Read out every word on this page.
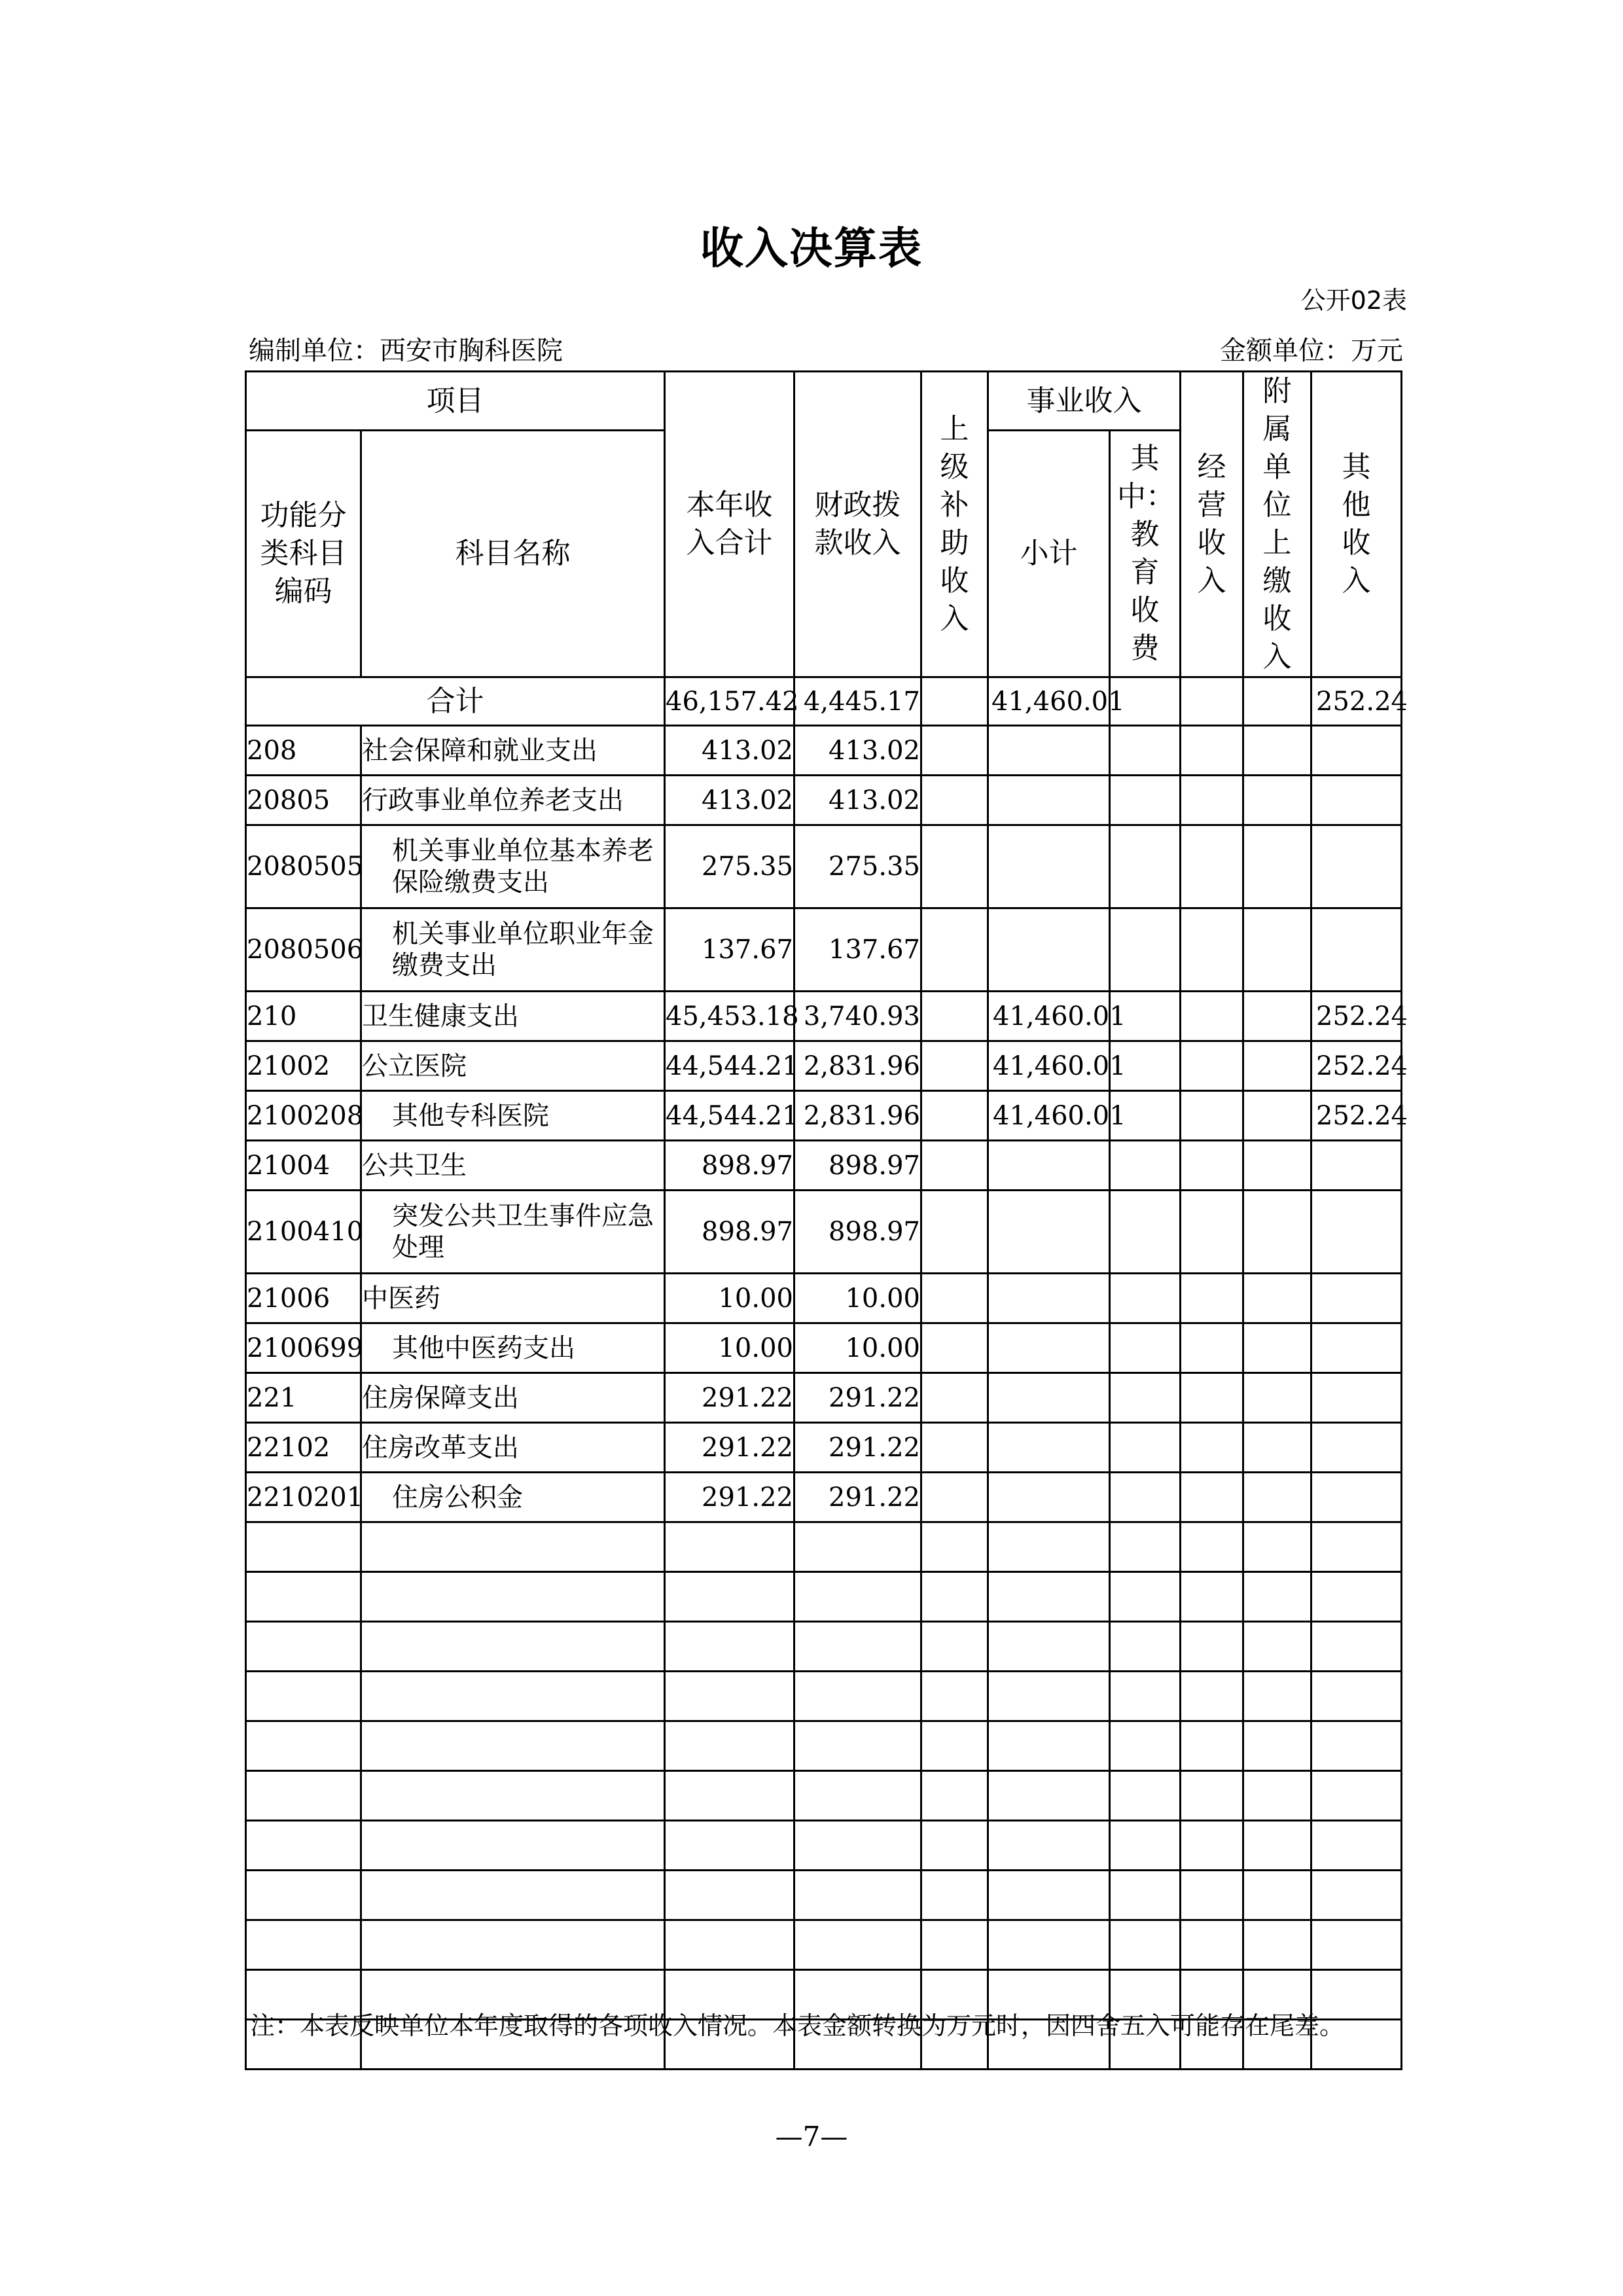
收入决算表
公开02表
编制单位：西安市胸科医院	金额单位：万元
项目		本年收入合计	财政拨款收入	上级补助收入	事业收入		经营收入	附属单位上缴收入	其他收入
功能分类科目编码	科目名称				小计	其中：教育收费			
合计		46,157.42	4,445.17		41,460.01				252.24
208	社会保障和就业支出	413.02	413.02						
20805	行政事业单位养老支出	413.02	413.02						
2080505	机关事业单位基本养老保险缴费支出	275.35	275.35						
2080506	机关事业单位职业年金缴费支出	137.67	137.67						
210	卫生健康支出	45,453.18	3,740.93		41,460.01				252.24
21002	公立医院	44,544.21	2,831.96		41,460.01				252.24
2100208	其他专科医院	44,544.21	2,831.96		41,460.01				252.24
21004	公共卫生	898.97	898.97						
2100410	突发公共卫生事件应急处理	898.97	898.97						
21006	中医药	10.00	10.00						
2100699	其他中医药支出	10.00	10.00						
221	住房保障支出	291.22	291.22						
22102	住房改革支出	291.22	291.22						
2210201	住房公积金	291.22	291.22						

注：本表反映单位本年度取得的各项收入情况。本表金额转换为万元时，因四舍五入可能存在尾差。
—7—
